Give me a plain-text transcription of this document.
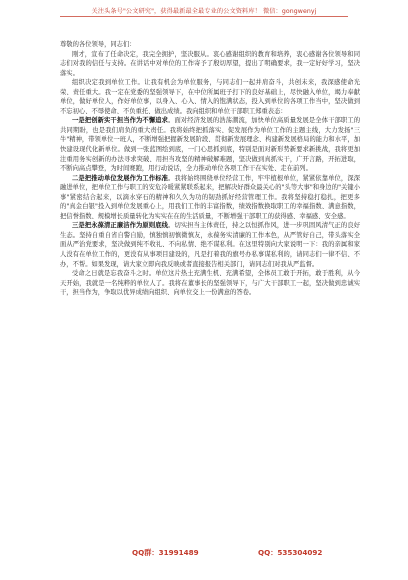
关注头条号"公文研究"，获得最新最全最专业的公文资料库！ 微信：gongwenyj

尊敬的各位领导，同志们：

刚才，宣布了任命决定，我完全拥护，坚决服从。衷心感谢组织的教育和培养，衷心感谢各位领导和同志们对我的信任与支持。在讲话中对单位的工作寄予了殷切厚望，提出了明确要求，我一定好好学习，坚决落实。

组织决定我到单位工作。让我有机会为单位服务，与同志们一起并肩奋斗，共创未来，我深感使命光荣、责任重大。我一定在党委的坚强领导下，在中位所属班子打下的良好基础上，尽快融入单位，竭力奉献单位，做好单位人，作好单位事，以身入、心入、情入的饱满状态，投入到单位的各项工作当中，坚决做到不忘初心、不辱使命、不负重托、做出成绩。我向组织和单位干部职工郑重表态：

一是把创新实干担当作为不懈追求。面对经济发展的浩荡潮流，加快单位高质量发展是全体干部职工的共同期盼，也是我们肩负的重大责任。我将始终把抓落实、促发展作为单位工作的主题主线，大力发扬"三牛"精神，带领单位一班人，不断增强把握新发展阶段、贯彻新发展理念、构建新发展格局的能力和水平，加快建设现代化新单位。做到一张蓝图绘到底，一门心思抓到底，特别是面对新形势新要求新挑战，我将更加注重用务实创新的办法寻求突破、用担当攻坚的精神破解难题，坚决做到真抓实干，广开言路，开拓进取，不断向高点攀登，为时间赛跑，用行动说话，全力推动单位各项工作干在实处、走在前列。

二是把推动单位发展作为工作标准。我将始终围绕单位经营工作，牢牢植根单位，紧紧依靠单位，深深融进单位，把单位工作与职工的安危冷暖紧紧联系起来，把解决好群众最关心的"头等大事"和身边的"关键小事"紧密结合起来，以滴水穿石的精神和久久为功的韧劲抓好经营管理工作。我将坚持稳打稳扎，把更多的"真金白银"投入到单位发展重心上，用我们工作的丰富指数，绩效指数换取职工的幸福指数、满意指数，把信誉指数、规模增长质量转化为实实在在的生活质量，不断增强干部职工的获得感、幸福感、安全感。

三是把永葆清正廉洁作为原则底线。切实担当主体责任，持之以恒抓作风，进一步巩固风清气正的良好生态。坚持自重自省自警自励，慎独慎初慎微慎友，永葆务实清廉的工作本色，从严管好自己，带头落实全面从严治党要求，坚决做到纯不收礼、不向私情、绝不谋私利。在这里特别向大家说明一下：我的亲属和家人没有在单位工作的，更没有从事项目建设的，凡是打着我的旗号办私事谋私利的，请同志们一律不信、不办，不帮。如果发现，请大家立即向我反映或者直接报告相关部门，请同志们对我从严监督。

受命之日就是忘我奋斗之时。单位这片热土充满生机、充满希望，全体员工敢于开拓，敢于胜利，从今天开始，我就是一名纯粹的单位人了。我将在董事长的坚强领导下，与广大干部职工一起，坚决做到忠诚实干，担当作为，争取以优异成绩向组织、向单位交上一份满意的答卷。

QQ群：31991489	QQ：535304092
